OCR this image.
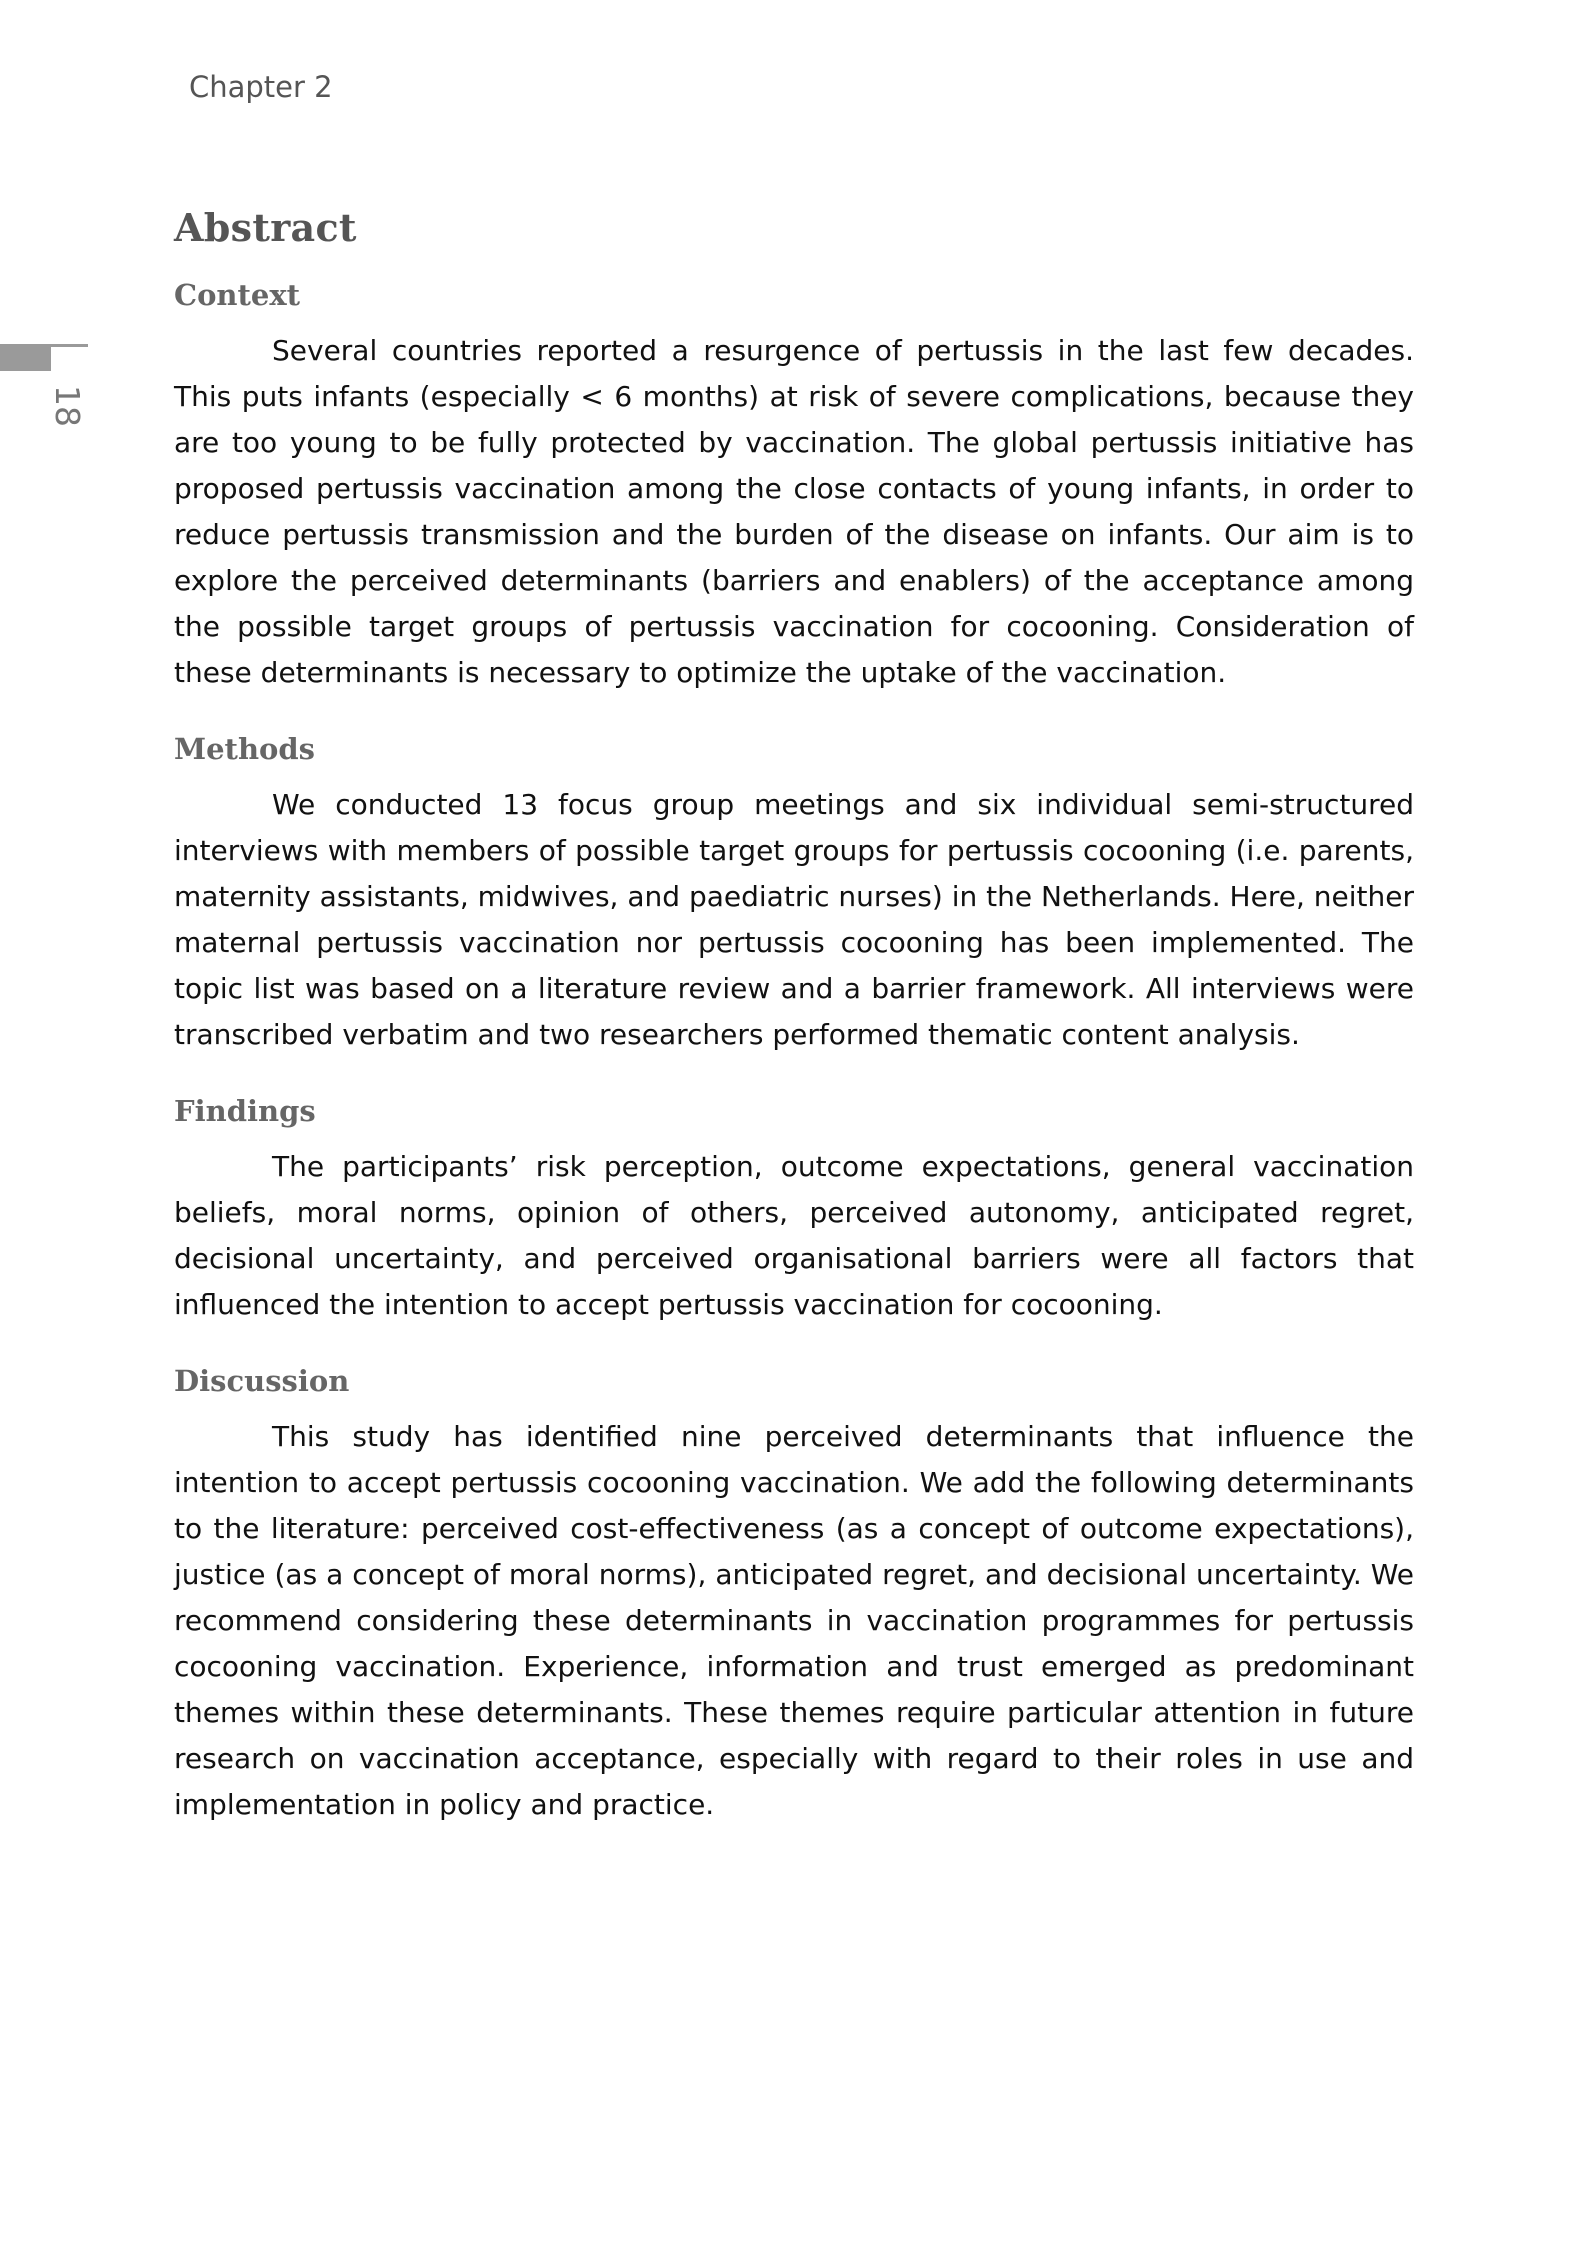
Chapter 2
18
Abstract
Context

Several countries reported a resurgence of pertussis in the last few decades. This puts infants (especially < 6 months) at risk of severe complications, because they are too young to be fully protected by vaccination. The global pertussis initiative has proposed pertussis vaccination among the close contacts of young infants, in order to reduce pertussis transmission and the burden of the disease on infants. Our aim is to explore the perceived determinants (barriers and enablers) of the acceptance among the possible target groups of pertussis vaccination for cocooning. Consideration of these determinants is necessary to optimize the uptake of the vaccination.

Methods

We conducted 13 focus group meetings and six individual semi-structured interviews with members of possible target groups for pertussis cocooning (i.e. parents, maternity assistants, midwives, and paediatric nurses) in the Netherlands. Here, neither maternal pertussis vaccination nor pertussis cocooning has been implemented. The topic list was based on a literature review and a barrier framework. All interviews were transcribed verbatim and two researchers performed thematic content analysis.

Findings

The participants’ risk perception, outcome expectations, general vaccination beliefs, moral norms, opinion of others, perceived autonomy, anticipated regret, decisional uncertainty, and perceived organisational barriers were all factors that influenced the intention to accept pertussis vaccination for cocooning.

Discussion

This study has identified nine perceived determinants that influence the intention to accept pertussis cocooning vaccination. We add the following determinants to the literature: perceived cost-effectiveness (as a concept of outcome expectations), justice (as a concept of moral norms), anticipated regret, and decisional uncertainty. We recommend considering these determinants in vaccination programmes for pertussis cocooning vaccination. Experience, information and trust emerged as predominant themes within these determinants. These themes require particular attention in future research on vaccination acceptance, especially with regard to their roles in use and implementation in policy and practice.
